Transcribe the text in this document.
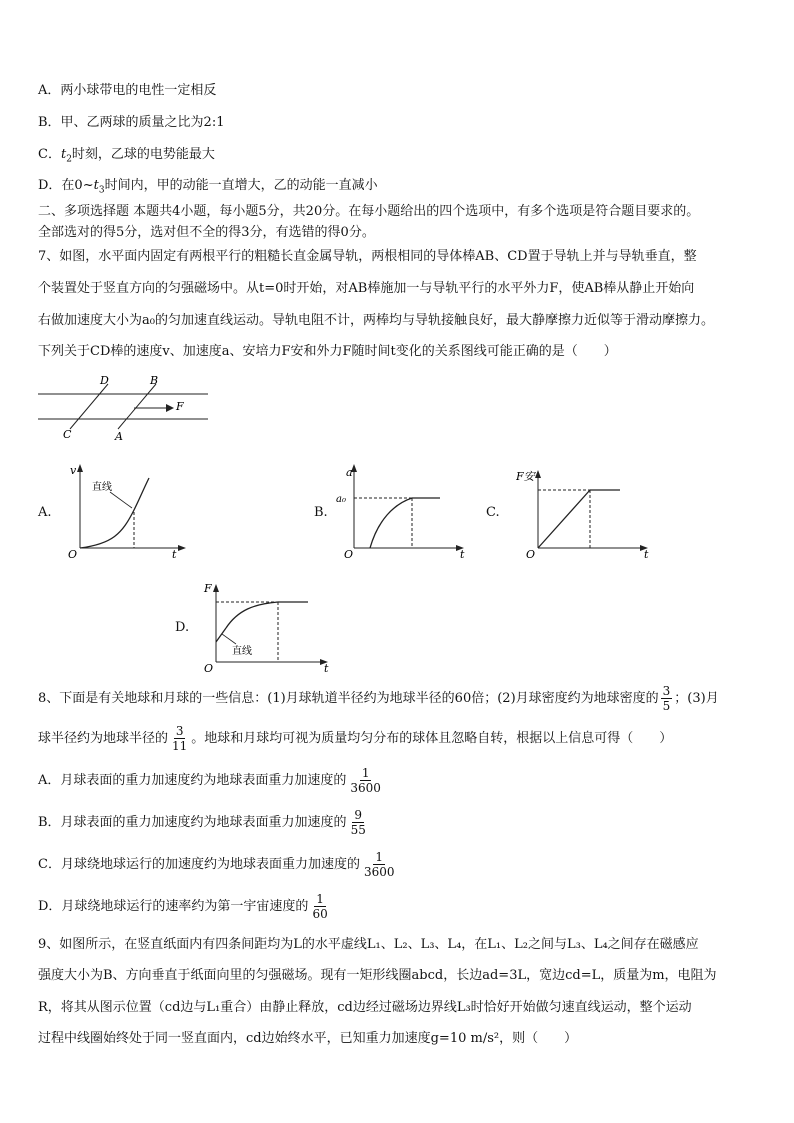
A．两小球带电的电性一定相反
B．甲、乙两球的质量之比为2:1
C．$t_2$时刻，乙球的电势能最大
D．在$0\sim t_3$时间内，甲的动能一直增大，乙的动能一直减小
二、多项选择题 本题共4小题，每小题5分，共20分。在每小题给出的四个选项中，有多个选项是符合题目要求的。
全部选对的得5分，选对但不全的得3分，有选错的得0分。
7、如图，水平面内固定有两根平行的粗糙长直金属导轨，两根相同的导体棒AB、CD置于导轨上并与导轨垂直，整
个装置处于竖直方向的匀强磁场中。从t=0时开始，对AB棒施加一与导轨平行的水平外力F，使AB棒从静止开始向
右做加速度大小为a₀的匀加速直线运动。导轨电阻不计，两棒均与导轨接触良好，最大静摩擦力近似等于滑动摩擦力。
下列关于CD棒的速度v、加速度a、安培力F安和外力F随时间t变化的关系图线可能正确的是（　　）
D	B
C	A
F
A.	B.	C.
D.
v
t
O
直线
a
a₀
t
O
F安
t
O
F
t
O
直线
8、下面是有关地球和月球的一些信息：(1)月球轨道半径约为地球半径的60倍；(2)月球密度约为地球密度的 $\frac{3}{5}$ ；(3)月
球半径约为地球半径的 $\frac{3}{11}$ 。地球和月球均可视为质量均匀分布的球体且忽略自转，根据以上信息可得（　　）
A．月球表面的重力加速度约为地球表面重力加速度的 $\frac{1}{3600}$
B．月球表面的重力加速度约为地球表面重力加速度的 $\frac{9}{55}$
C．月球绕地球运行的加速度约为地球表面重力加速度的 $\frac{1}{3600}$
D．月球绕地球运行的速率约为第一宇宙速度的 $\frac{1}{60}$
9、如图所示，在竖直纸面内有四条间距均为L的水平虚线L₁、L₂、L₃、L₄，在L₁、L₂之间与L₃、L₄之间存在磁感应
强度大小为B、方向垂直于纸面向里的匀强磁场。现有一矩形线圈abcd，长边ad=3L，宽边cd=L，质量为m，电阻为
R，将其从图示位置（cd边与L₁重合）由静止释放，cd边经过磁场边界线L₃时恰好开始做匀速直线运动，整个运动
过程中线圈始终处于同一竖直面内，cd边始终水平，已知重力加速度g=10 m/s²，则（　　）
